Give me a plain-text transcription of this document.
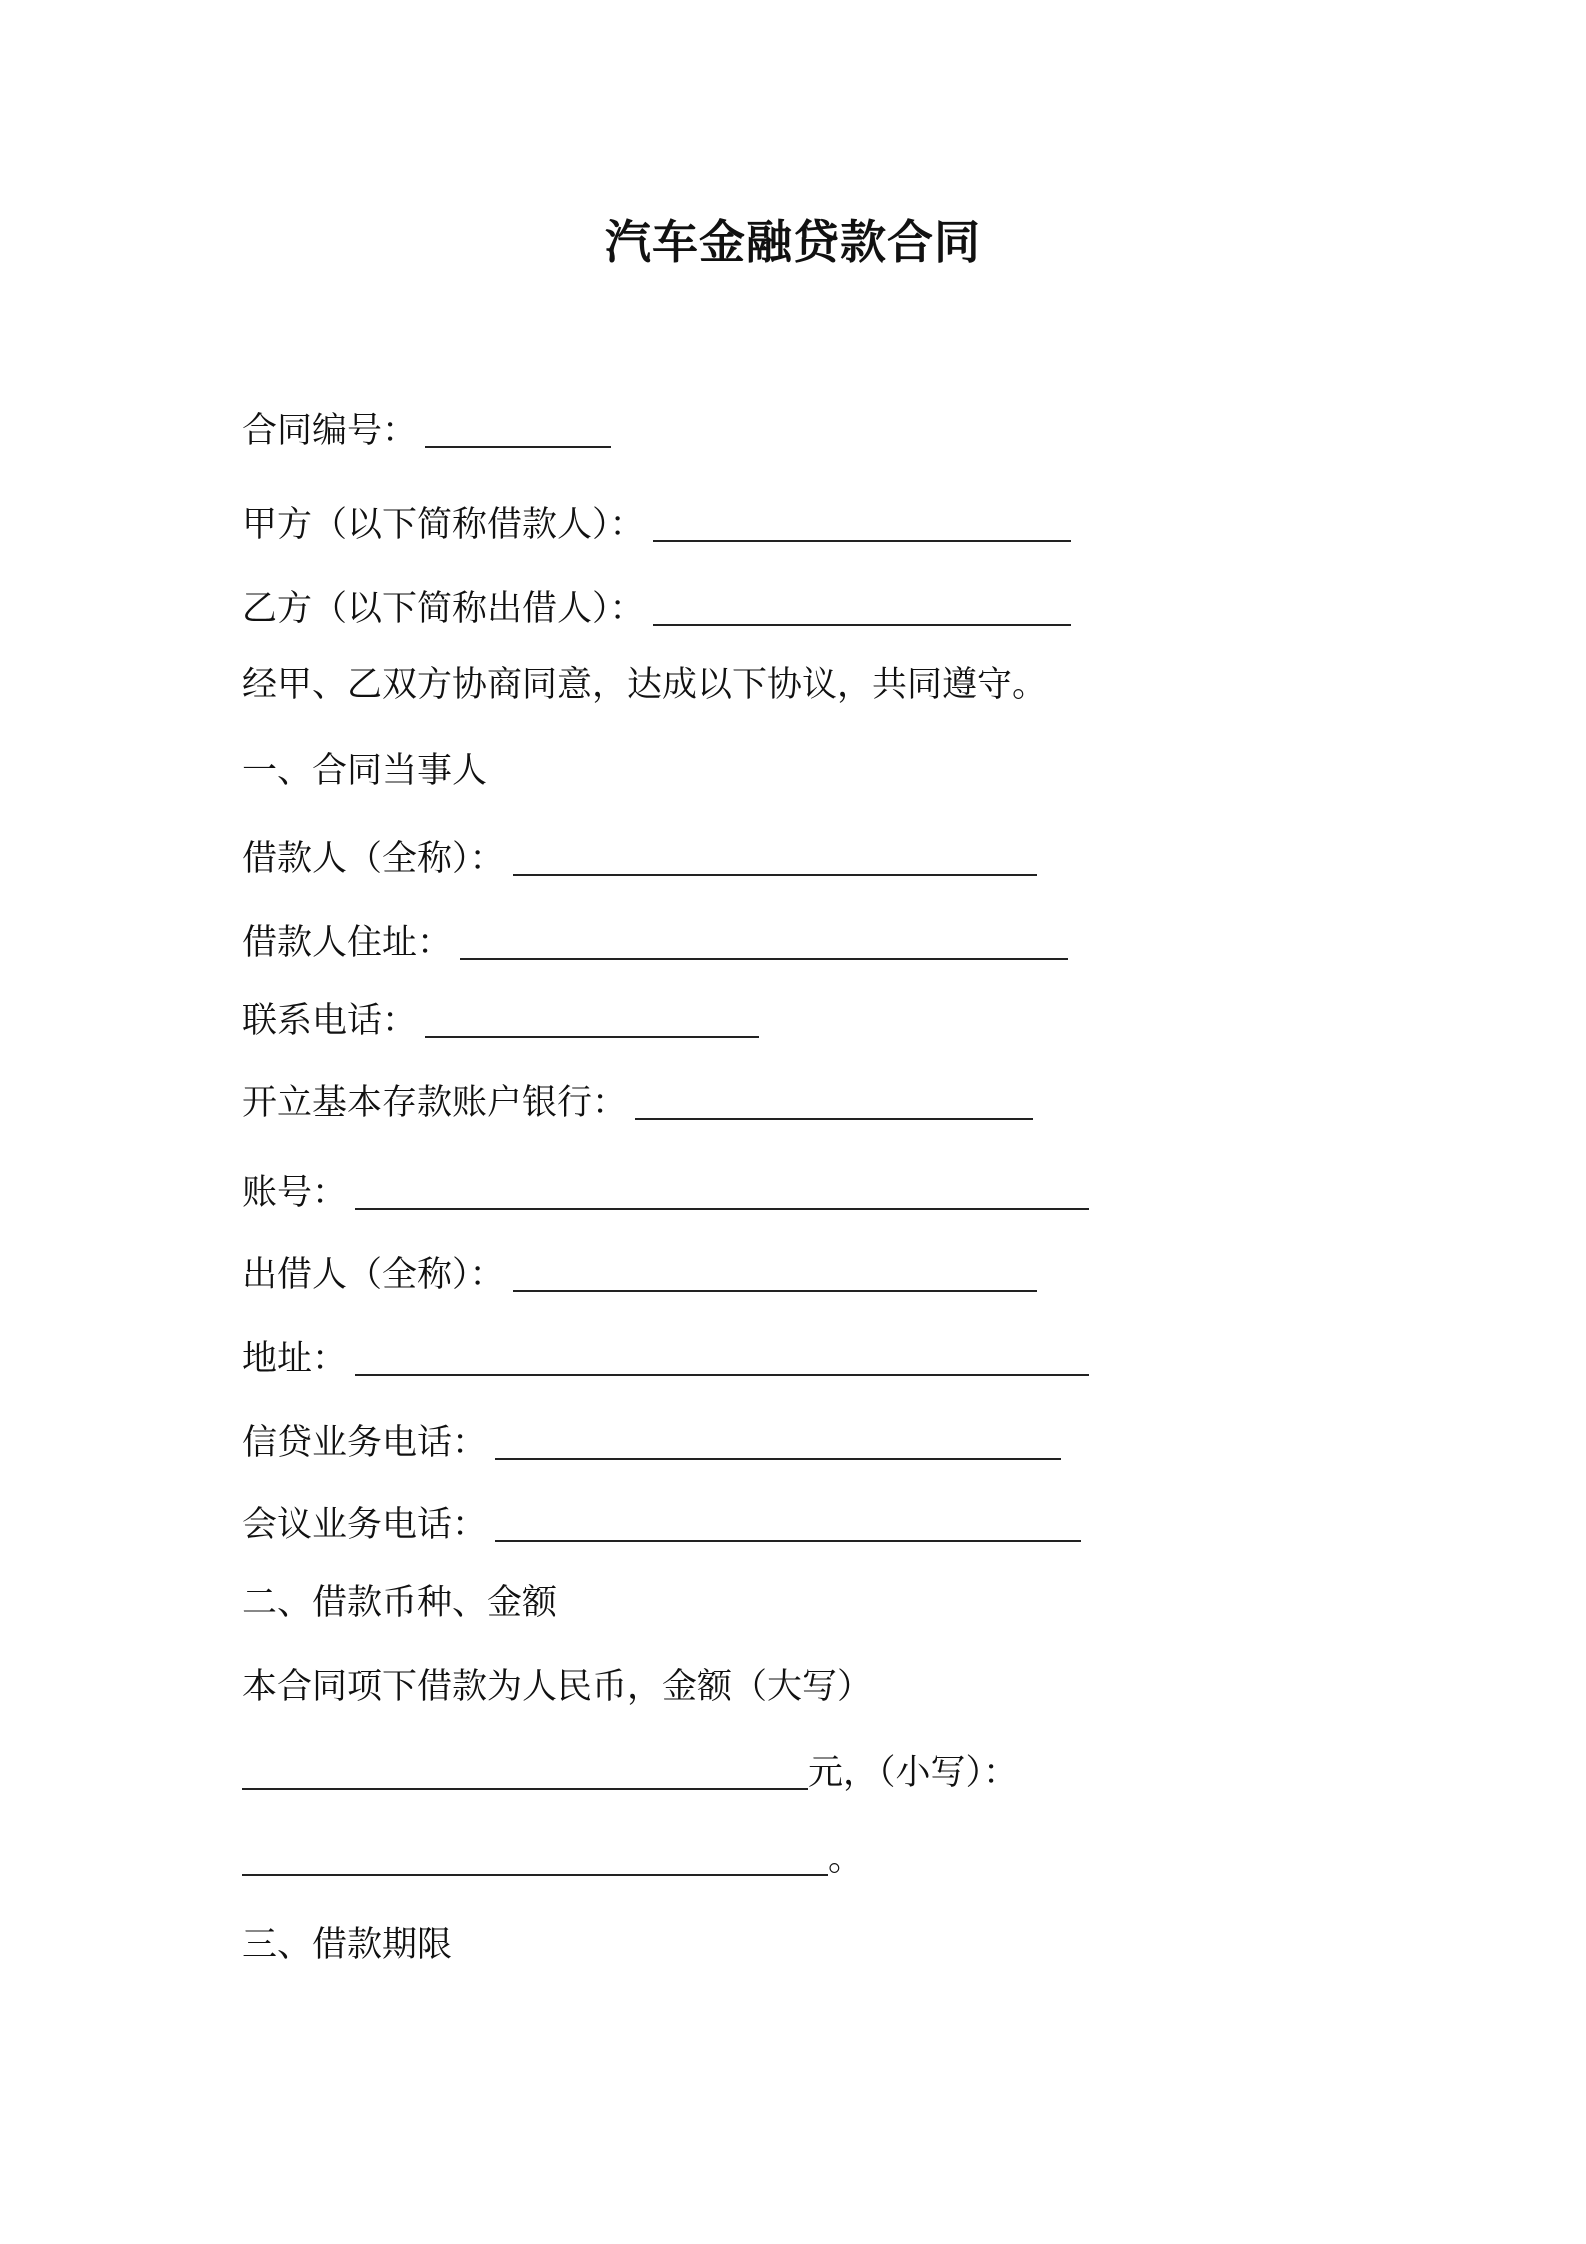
汽车金融贷款合同
合同编号：
甲方（以下简称借款人）：
乙方（以下简称出借人）：
经甲、乙双方协商同意，达成以下协议，共同遵守。
一、合同当事人
借款人（全称）：
借款人住址：
联系电话：
开立基本存款账户银行：
账号：
出借人（全称）：
地址：
信贷业务电话：
会议业务电话：
二、借款币种、金额
本合同项下借款为人民币，金额（大写）
元，（小写）：
。
三、借款期限
